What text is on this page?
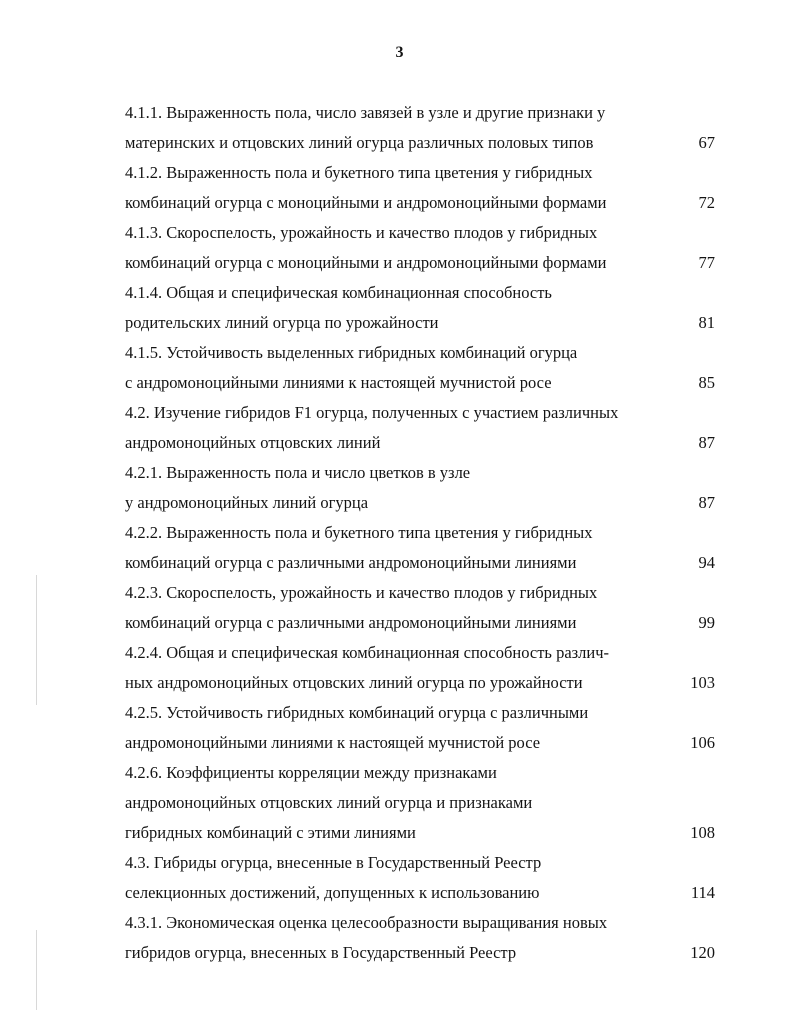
3
4.1.1. Выраженность пола, число завязей в узле и другие признаки у
материнских и отцовских линий огурца различных половых типов	67
4.1.2. Выраженность пола и букетного типа цветения у гибридных
комбинаций огурца с моноцийными и андромоноцийными формами	72
4.1.3. Скороспелость, урожайность и качество плодов у гибридных
комбинаций огурца с моноцийными и андромоноцийными формами	77
4.1.4. Общая и специфическая комбинационная способность
родительских линий огурца по урожайности	81
4.1.5. Устойчивость выделенных гибридных комбинаций огурца
с андромоноцийными линиями к настоящей мучнистой росе	85
4.2. Изучение гибридов F1 огурца, полученных с участием различных
андромоноцийных отцовских линий	87
4.2.1. Выраженность пола и число цветков в узле
у андромоноцийных линий огурца	87
4.2.2. Выраженность пола и букетного типа цветения у гибридных
комбинаций огурца с различными андромоноцийными линиями	94
4.2.3. Скороспелость, урожайность и качество плодов у гибридных
комбинаций огурца с различными андромоноцийными линиями	99
4.2.4. Общая и специфическая комбинационная способность различ-
ных андромоноцийных отцовских линий огурца по урожайности	103
4.2.5. Устойчивость гибридных комбинаций огурца с различными
андромоноцийными линиями к настоящей мучнистой росе	106
4.2.6. Коэффициенты корреляции между признаками
андромоноцийных отцовских линий огурца и признаками
гибридных комбинаций с этими линиями	108
4.3. Гибриды огурца, внесенные в Государственный Реестр
селекционных достижений, допущенных к использованию	114
4.3.1. Экономическая оценка целесообразности выращивания новых
гибридов огурца, внесенных в Государственный Реестр	120
